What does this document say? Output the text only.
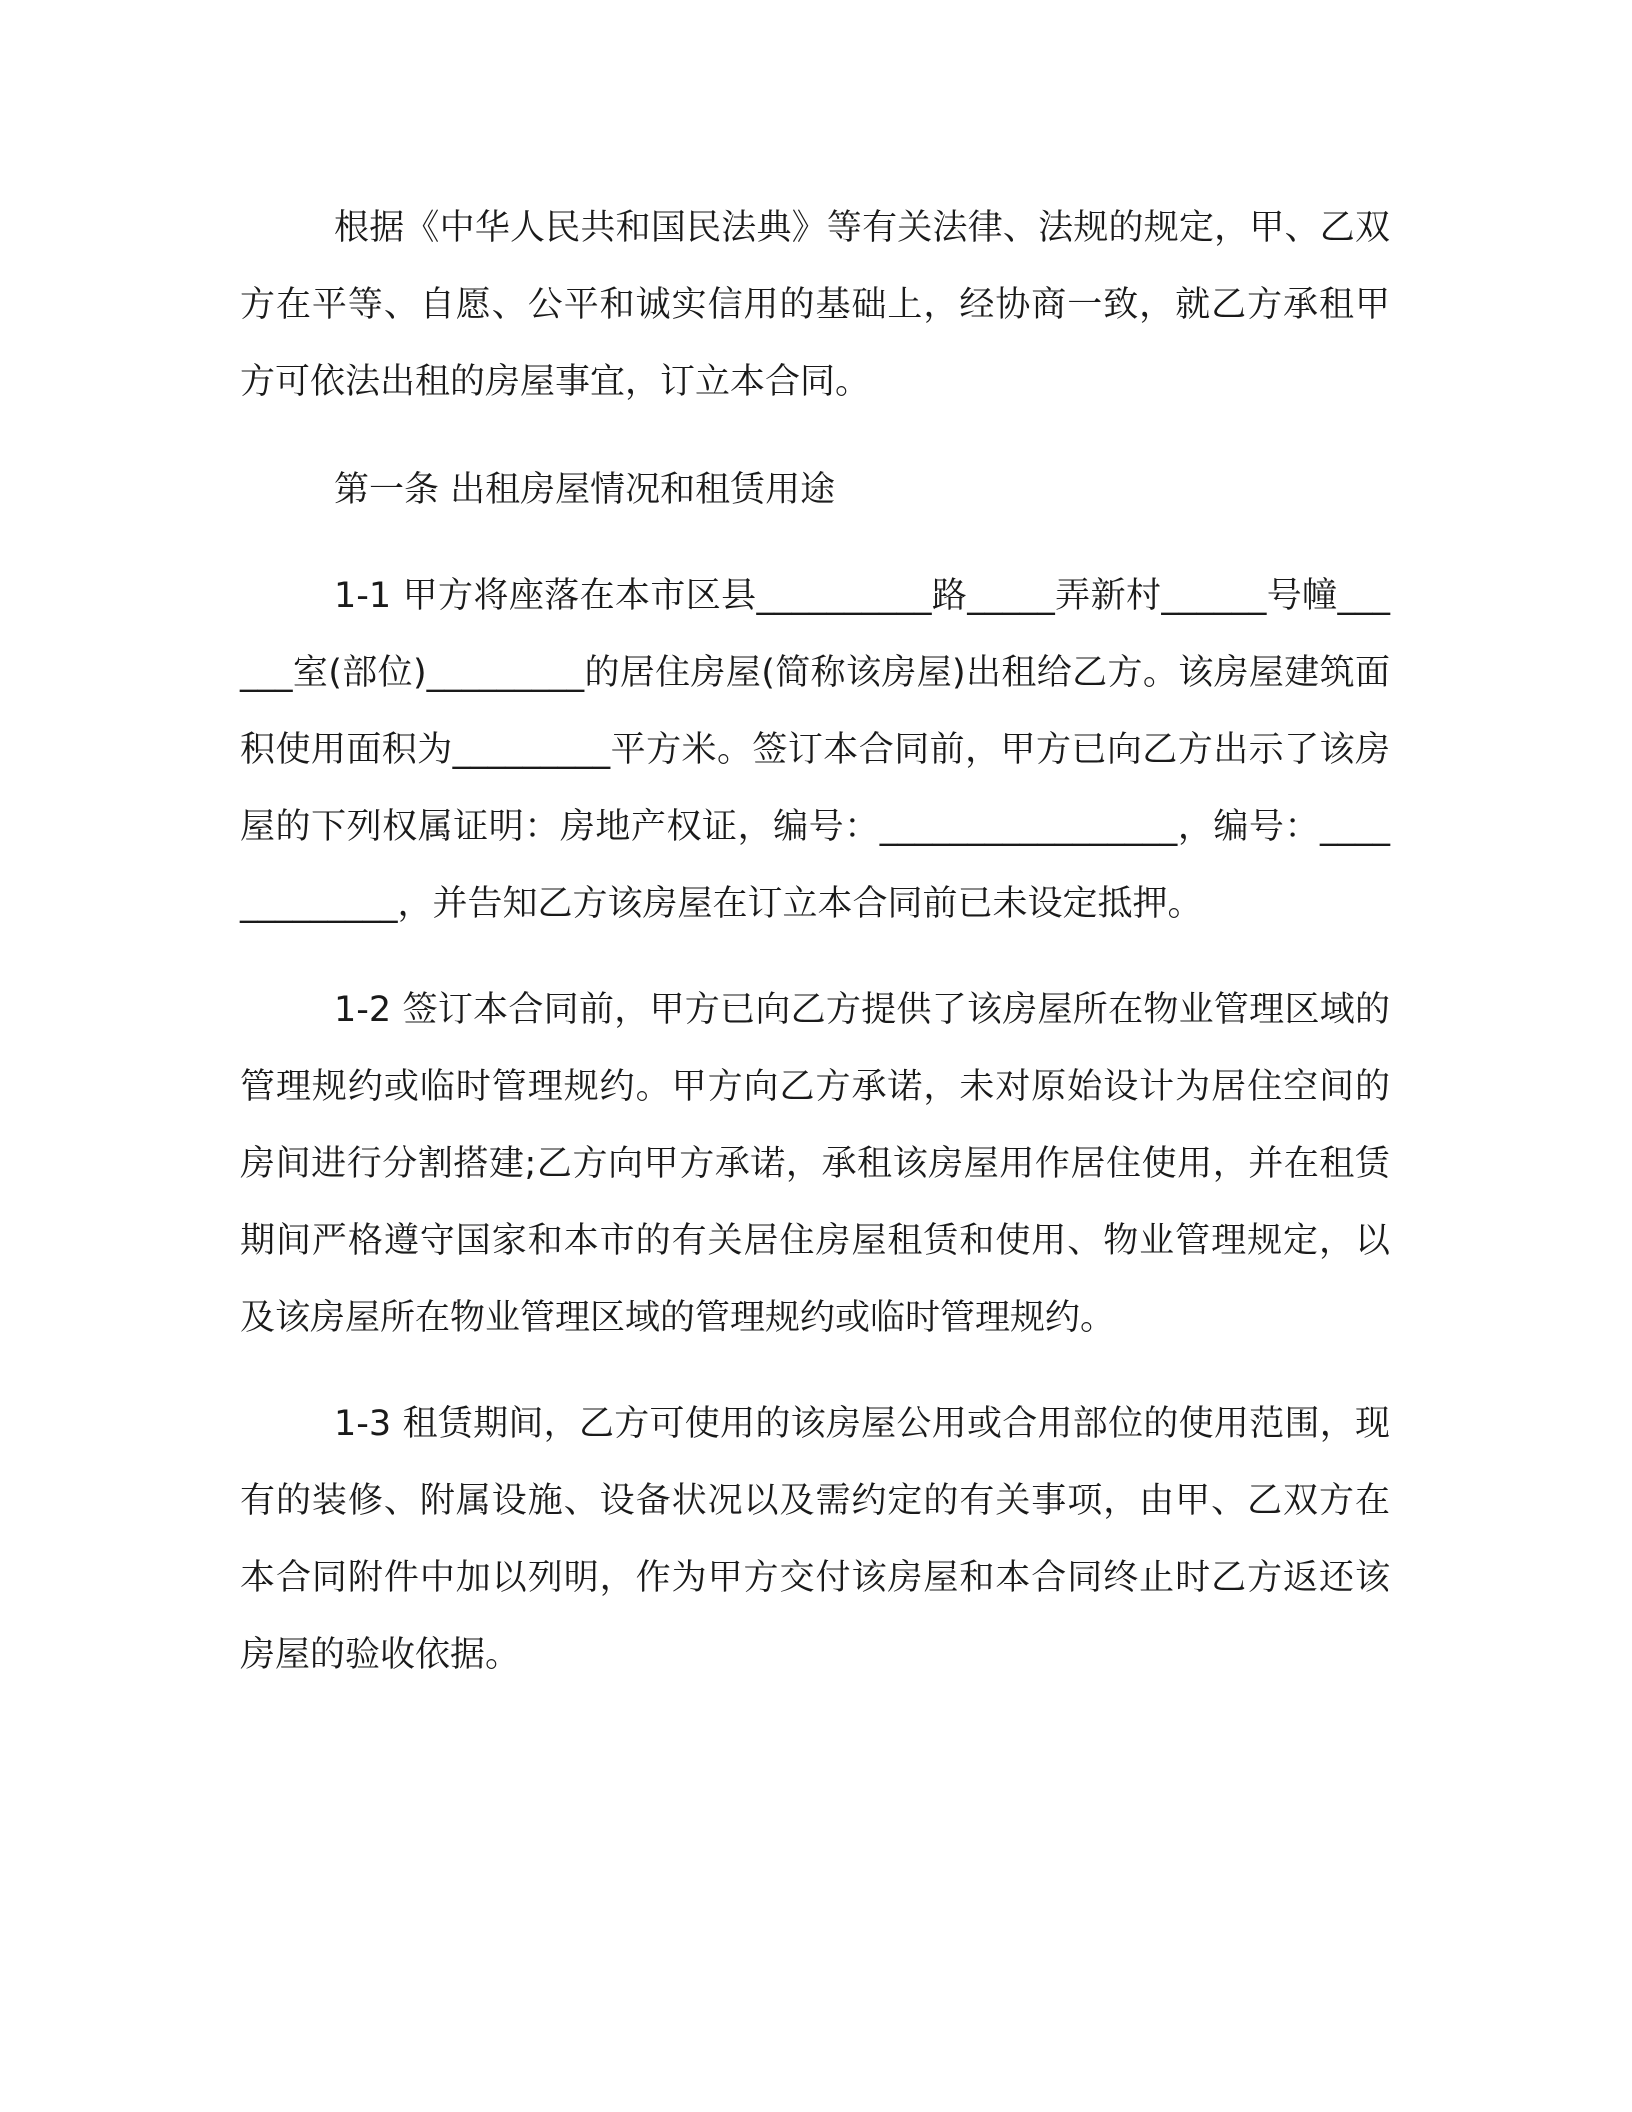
根据《中华人民共和国民法典》等有关法律、法规的规定，甲、乙双方在平等、自愿、公平和诚实信用的基础上，经协商一致，就乙方承租甲方可依法出租的房屋事宜，订立本合同。

第一条 出租房屋情况和租赁用途

1-1 甲方将座落在本市区县__________路_____弄新村______号幢______室(部位)_________的居住房屋(简称该房屋)出租给乙方。该房屋建筑面积使用面积为_________平方米。签订本合同前，甲方已向乙方出示了该房屋的下列权属证明：房地产权证，编号：_________________，编号：_____________，并告知乙方该房屋在订立本合同前已未设定抵押。

1-2 签订本合同前，甲方已向乙方提供了该房屋所在物业管理区域的管理规约或临时管理规约。甲方向乙方承诺，未对原始设计为居住空间的房间进行分割搭建;乙方向甲方承诺，承租该房屋用作居住使用，并在租赁期间严格遵守国家和本市的有关居住房屋租赁和使用、物业管理规定，以及该房屋所在物业管理区域的管理规约或临时管理规约。

1-3 租赁期间，乙方可使用的该房屋公用或合用部位的使用范围，现有的装修、附属设施、设备状况以及需约定的有关事项，由甲、乙双方在本合同附件中加以列明，作为甲方交付该房屋和本合同终止时乙方返还该房屋的验收依据。
